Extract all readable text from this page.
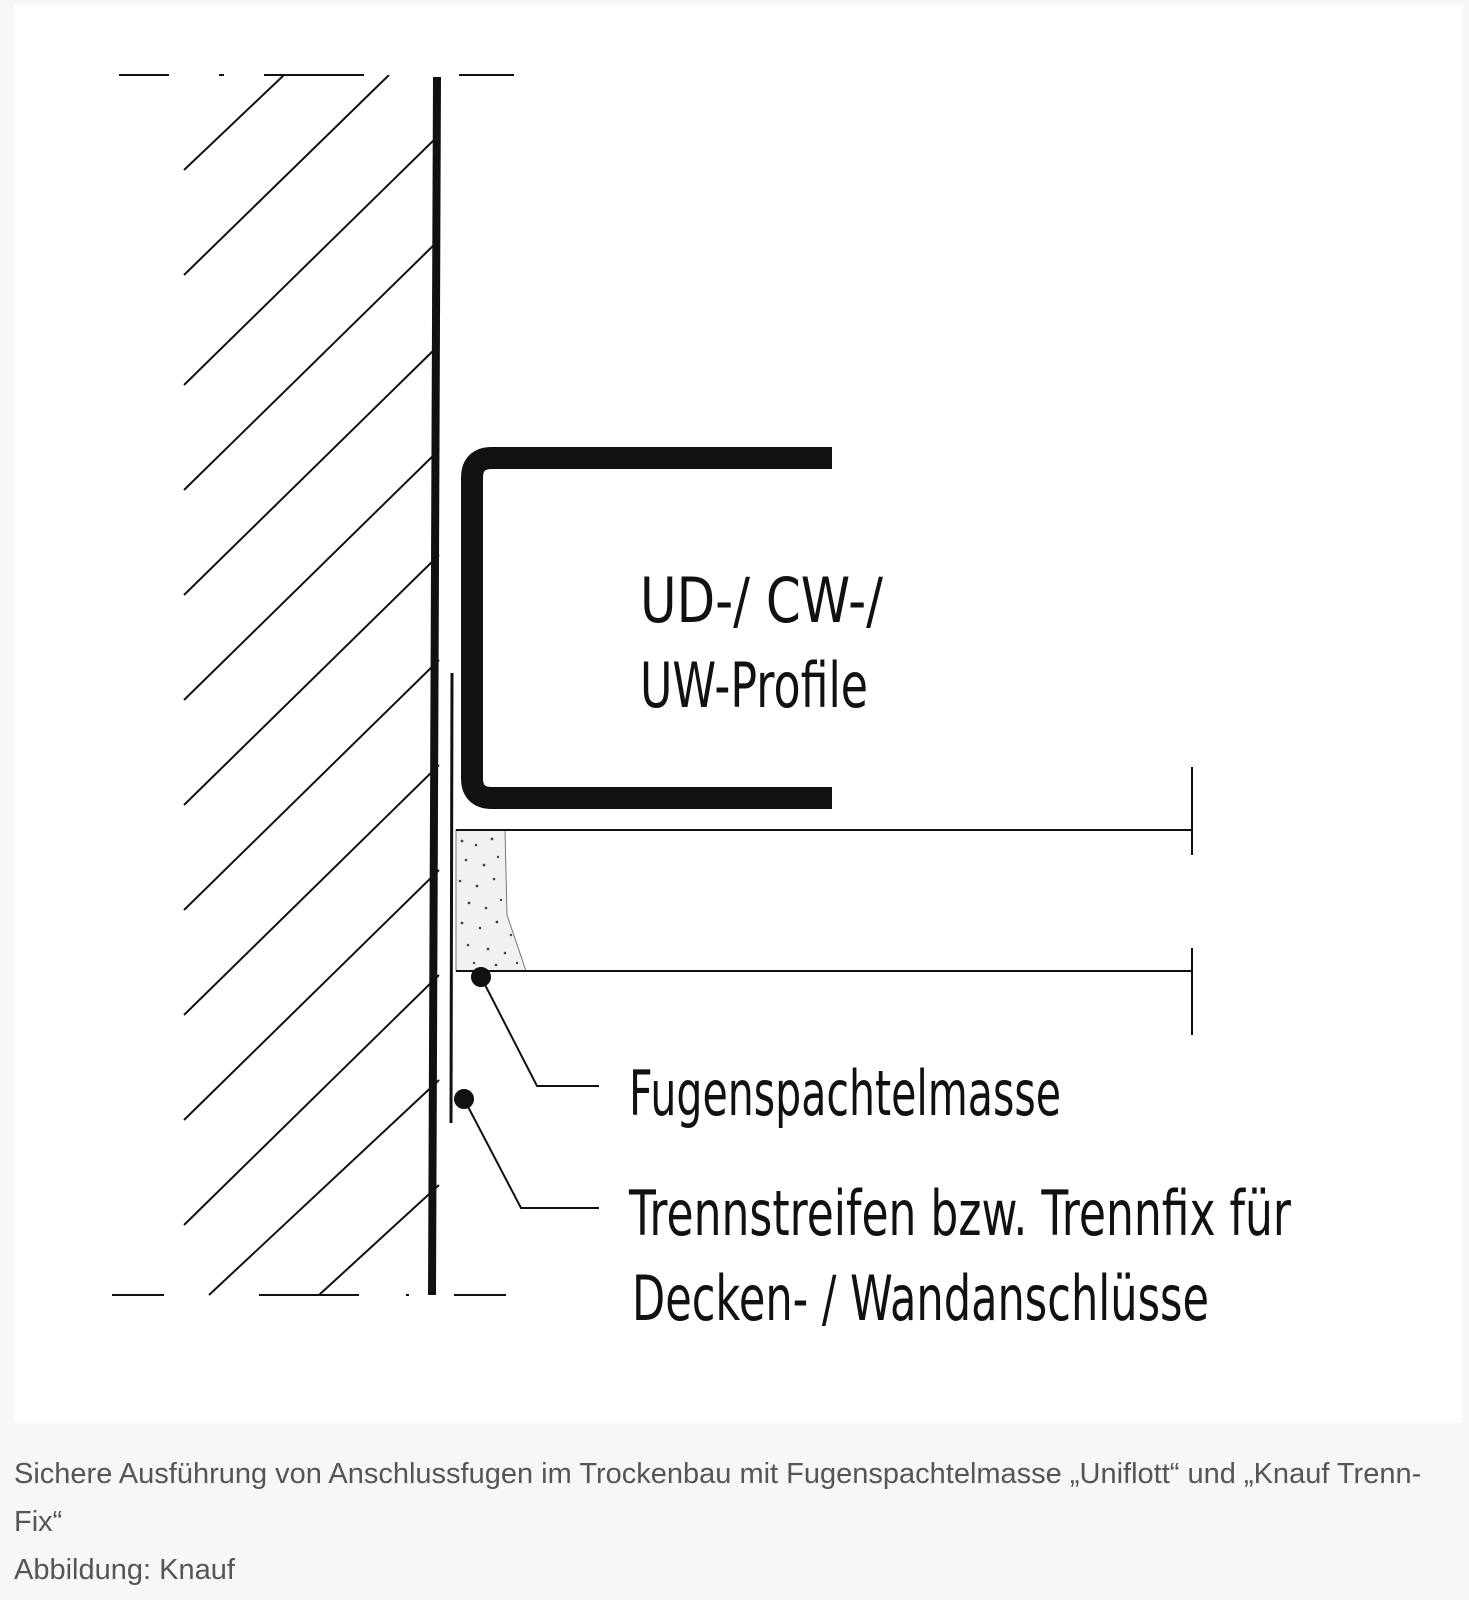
UD-/ CW-/
UW-Profile
Fugenspachtelmasse
Trennstreifen bzw. Trennfix für
Decken- / Wandanschlüsse

Sichere Ausführung von Anschlussfugen im Trockenbau mit Fugenspachtelmasse „Uniflott“ und „Knauf Trenn-Fix“

Abbildung: Knauf
